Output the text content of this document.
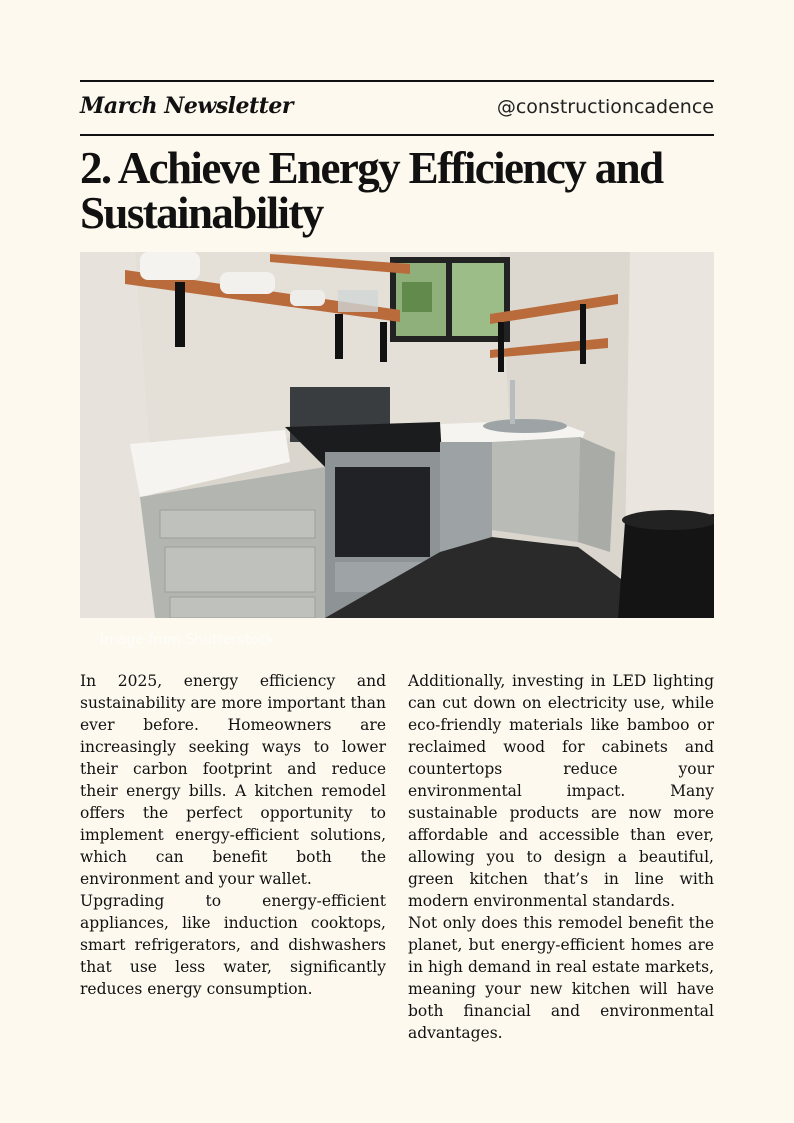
March Newsletter	@constructioncadence
2. Achieve Energy Efficiency and Sustainability
Image from Shutterstock

In 2025, energy efficiency and sustainability are more important than ever before. Homeowners are increasingly seeking ways to lower their carbon footprint and reduce their energy bills. A kitchen remodel offers the perfect opportunity to implement energy-efficient solutions, which can benefit both the environment and your wallet.

Upgrading to energy-efficient appliances, like induction cooktops, smart refrigerators, and dishwashers that use less water, significantly reduces energy consumption.

Additionally, investing in LED lighting can cut down on electricity use, while eco-friendly materials like bamboo or reclaimed wood for cabinets and countertops reduce your environmental impact. Many sustainable products are now more affordable and accessible than ever, allowing you to design a beautiful, green kitchen that’s in line with modern environmental standards.

Not only does this remodel benefit the planet, but energy-efficient homes are in high demand in real estate markets, meaning your new kitchen will have both financial and environmental advantages.
